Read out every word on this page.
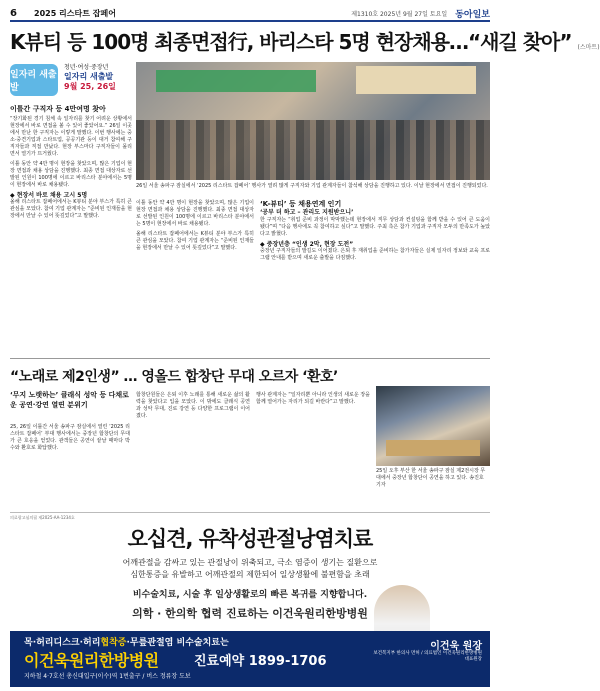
6	2025 리스타트 잡페어	제1310호 2025년 9월 27일 토요일 동아일보
K뷰티 등 100명 최종면접行, 바리스타 5명 현장채용…“새길 찾아” (스마트)
일자리 새출발
청년·여성·중장년
일자리 새출발
9월 25, 26일
26일 서울 송파구 잠실에서 ‘2025 리스타트 잡페어’ 행사가 열려 많게 구직자와 기업 관계자들이 참석해 상담을 진행하고 있다. 이날 현장에서 면접이 진행되었다.
이틀간 구직자 등 4만여명 찾아

“장기화된 경기 침체 속 일자리를 찾기 어려운 상황에서 현장에서 바로 면접을 볼 수 있어 좋았어요.” 26일 이곳에서 만난 한 구직자는 이렇게 말했다. 이번 행사에는 중소·중견기업과 스타트업, 공공기관 등이 대거 참여해 구직자들과 직접 만났다. 현장 부스마다 구직자들이 몰리면서 열기가 뜨거웠다.

이틀 동안 약 4만 명이 현장을 찾았으며, 많은 기업이 현장 면접과 채용 상담을 진행했다. 최종 면접 대상자로 선발된 인원이 100명에 이르고 바리스타 분야에서는 5명이 현장에서 바로 채용됐다.

◆ 현장서 바로 채용 고시 5명

올해 리스타트 잡페어에서는 K뷰티 분야 부스가 특히 큰 관심을 모았다. 참여 기업 관계자는 “준비된 인재들을 현장에서 만날 수 있어 뜻깊었다”고 말했다.

이틀 동안 약 4만 명이 현장을 찾았으며, 많은 기업이 현장 면접과 채용 상담을 진행했다. 최종 면접 대상자로 선발된 인원이 100명에 이르고 바리스타 분야에서는 5명이 현장에서 바로 채용됐다.

올해 리스타트 잡페어에서는 K뷰티 분야 부스가 특히 큰 관심을 모았다. 참여 기업 관계자는 “준비된 인재들을 현장에서 만날 수 있어 뜻깊었다”고 말했다.

‘K-뷰티’ 등 채용연계 인기
‘공부 더 하고 – 관리도 지원받으니’

한 구직자는 “취업 준비 과정이 막막했는데 현장에서 직무 상담과 컨설팅을 함께 받을 수 있어 큰 도움이 됐다”며 “다음 행사에도 꼭 참여하고 싶다”고 말했다. 주최 측은 참가 기업과 구직자 모두의 만족도가 높았다고 밝혔다.

◆ 중장년층 “인생 2막, 현장 도전”

중장년 구직자들의 발길도 이어졌다. 은퇴 후 재취업을 준비하는 참가자들은 실제 일자리 정보와 교육 프로그램 안내를 받으며 새로운 출발을 다짐했다.

“노래로 제2인생” … 영올드 합창단 무대 오르자 ‘환호’
‘무지 노랫하는’ 클래식 성악 등 다채로운 공연·강연 열띤 분위기

25, 26일 이틀간 서울 송파구 잠실에서 열린 ‘2025 리스타트 잡페어’ 부대 행사에서는 중장년 합창단의 무대가 큰 호응을 얻었다. 관객들은 공연이 끝날 때마다 박수와 환호로 화답했다.

합창단원들은 은퇴 이후 노래를 통해 새로운 삶의 활력을 찾았다고 입을 모았다. 이 밖에도 클래식 공연과 성악 무대, 진로 강연 등 다양한 프로그램이 이어졌다.

행사 관계자는 “일자리뿐 아니라 인생의 새로운 장을 함께 열어가는 자리가 되길 바란다”고 말했다.

25일 오후 부산 한 서울 송파구 잠실 제2전시장 무대에서 중장년 합창단이 공연을 하고 있다. 송진호 기자
의료광고심의필 제2025-AA-1234호
오십견, 유착성관절낭염치료
어깨관절을 감싸고 있는 관절낭이 위축되고, 극소 염증이 생기는 질환으로
심한통증을 유발하고 어깨관절의 제한되어 일상생활에 불편함을 초래
비수술치료, 시술 후 일상생활로의 빠른 복귀를 지향합니다.
의학 · 한의학 협력 진료하는 이건욱원리한방병원
목·허리디스크·허리협착증·무릎관절염 비수술치료는
이건욱원리한방병원	진료예약 1899-1706
지하철 4·7호선 총신대입구(이수)역 1번출구 / 버스 정류장 도보
이건욱 원장
보건복지부 한의사 면허 / 의료법인 이건욱원리한방병원 대표원장
